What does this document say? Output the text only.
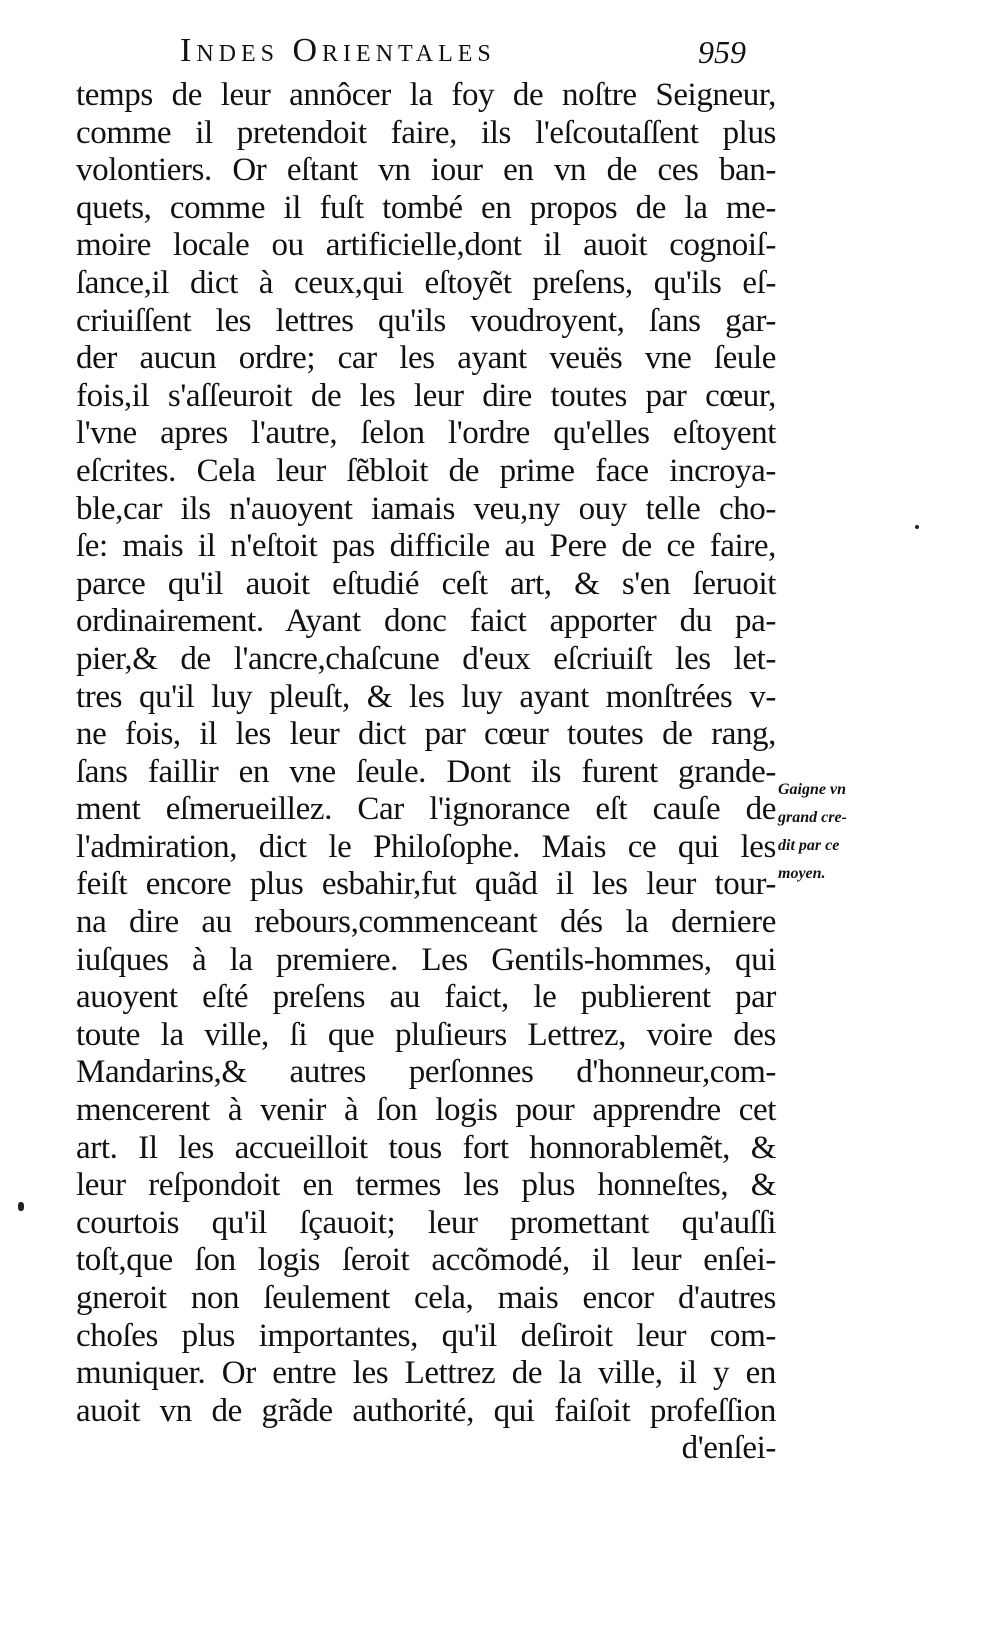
Indes Orientales	959
temps de leur annôcer la foy de noſtre Seigneur,
comme il pretendoit faire, ils l'eſcoutaſſent plus
volontiers. Or eſtant vn iour en vn de ces ban-
quets, comme il fuſt tombé en propos de la me-
moire locale ou artificielle,dont il auoit cognoiſ-
ſance,il dict à ceux,qui eſtoyẽt preſens, qu'ils eſ-
criuiſſent les lettres qu'ils voudroyent, ſans gar-
der aucun ordre; car les ayant veuës vne ſeule
fois,il s'aſſeuroit de les leur dire toutes par cœur,
l'vne apres l'autre, ſelon l'ordre qu'elles eſtoyent
eſcrites. Cela leur ſẽbloit de prime face incroya-
ble,car ils n'auoyent iamais veu,ny ouy telle cho-
ſe: mais il n'eſtoit pas difficile au Pere de ce faire,
parce qu'il auoit eſtudié ceſt art, & s'en ſeruoit
ordinairement. Ayant donc faict apporter du pa-
pier,& de l'ancre,chaſcune d'eux eſcriuiſt les let-
tres qu'il luy pleuſt, & les luy ayant monſtrées v-
ne fois, il les leur dict par cœur toutes de rang,
ſans faillir en vne ſeule. Dont ils furent grande-
ment eſmerueillez. Car l'ignorance eſt cauſe de
l'admiration, dict le Philoſophe. Mais ce qui les
feiſt encore plus esbahir,fut quãd il les leur tour-
na dire au rebours,commenceant dés la derniere
iuſques à la premiere. Les Gentils-hommes, qui
auoyent eſté preſens au faict, le publierent par
toute la ville, ſi que pluſieurs Lettrez, voire des
Mandarins,& autres perſonnes d'honneur,com-
mencerent à venir à ſon logis pour apprendre cet
art. Il les accueilloit tous fort honnorablemẽt, &
leur reſpondoit en termes les plus honneſtes, &
courtois qu'il ſçauoit; leur promettant qu'auſſi
toſt,que ſon logis ſeroit accõmodé, il leur enſei-
gneroit non ſeulement cela, mais encor d'autres
choſes plus importantes, qu'il deſiroit leur com-
muniquer. Or entre les Lettrez de la ville, il y en
auoit vn de grãde authorité, qui faiſoit profeſſion
d'enſei-
Gaigne vn
grand cre-
dit par ce
moyen.
